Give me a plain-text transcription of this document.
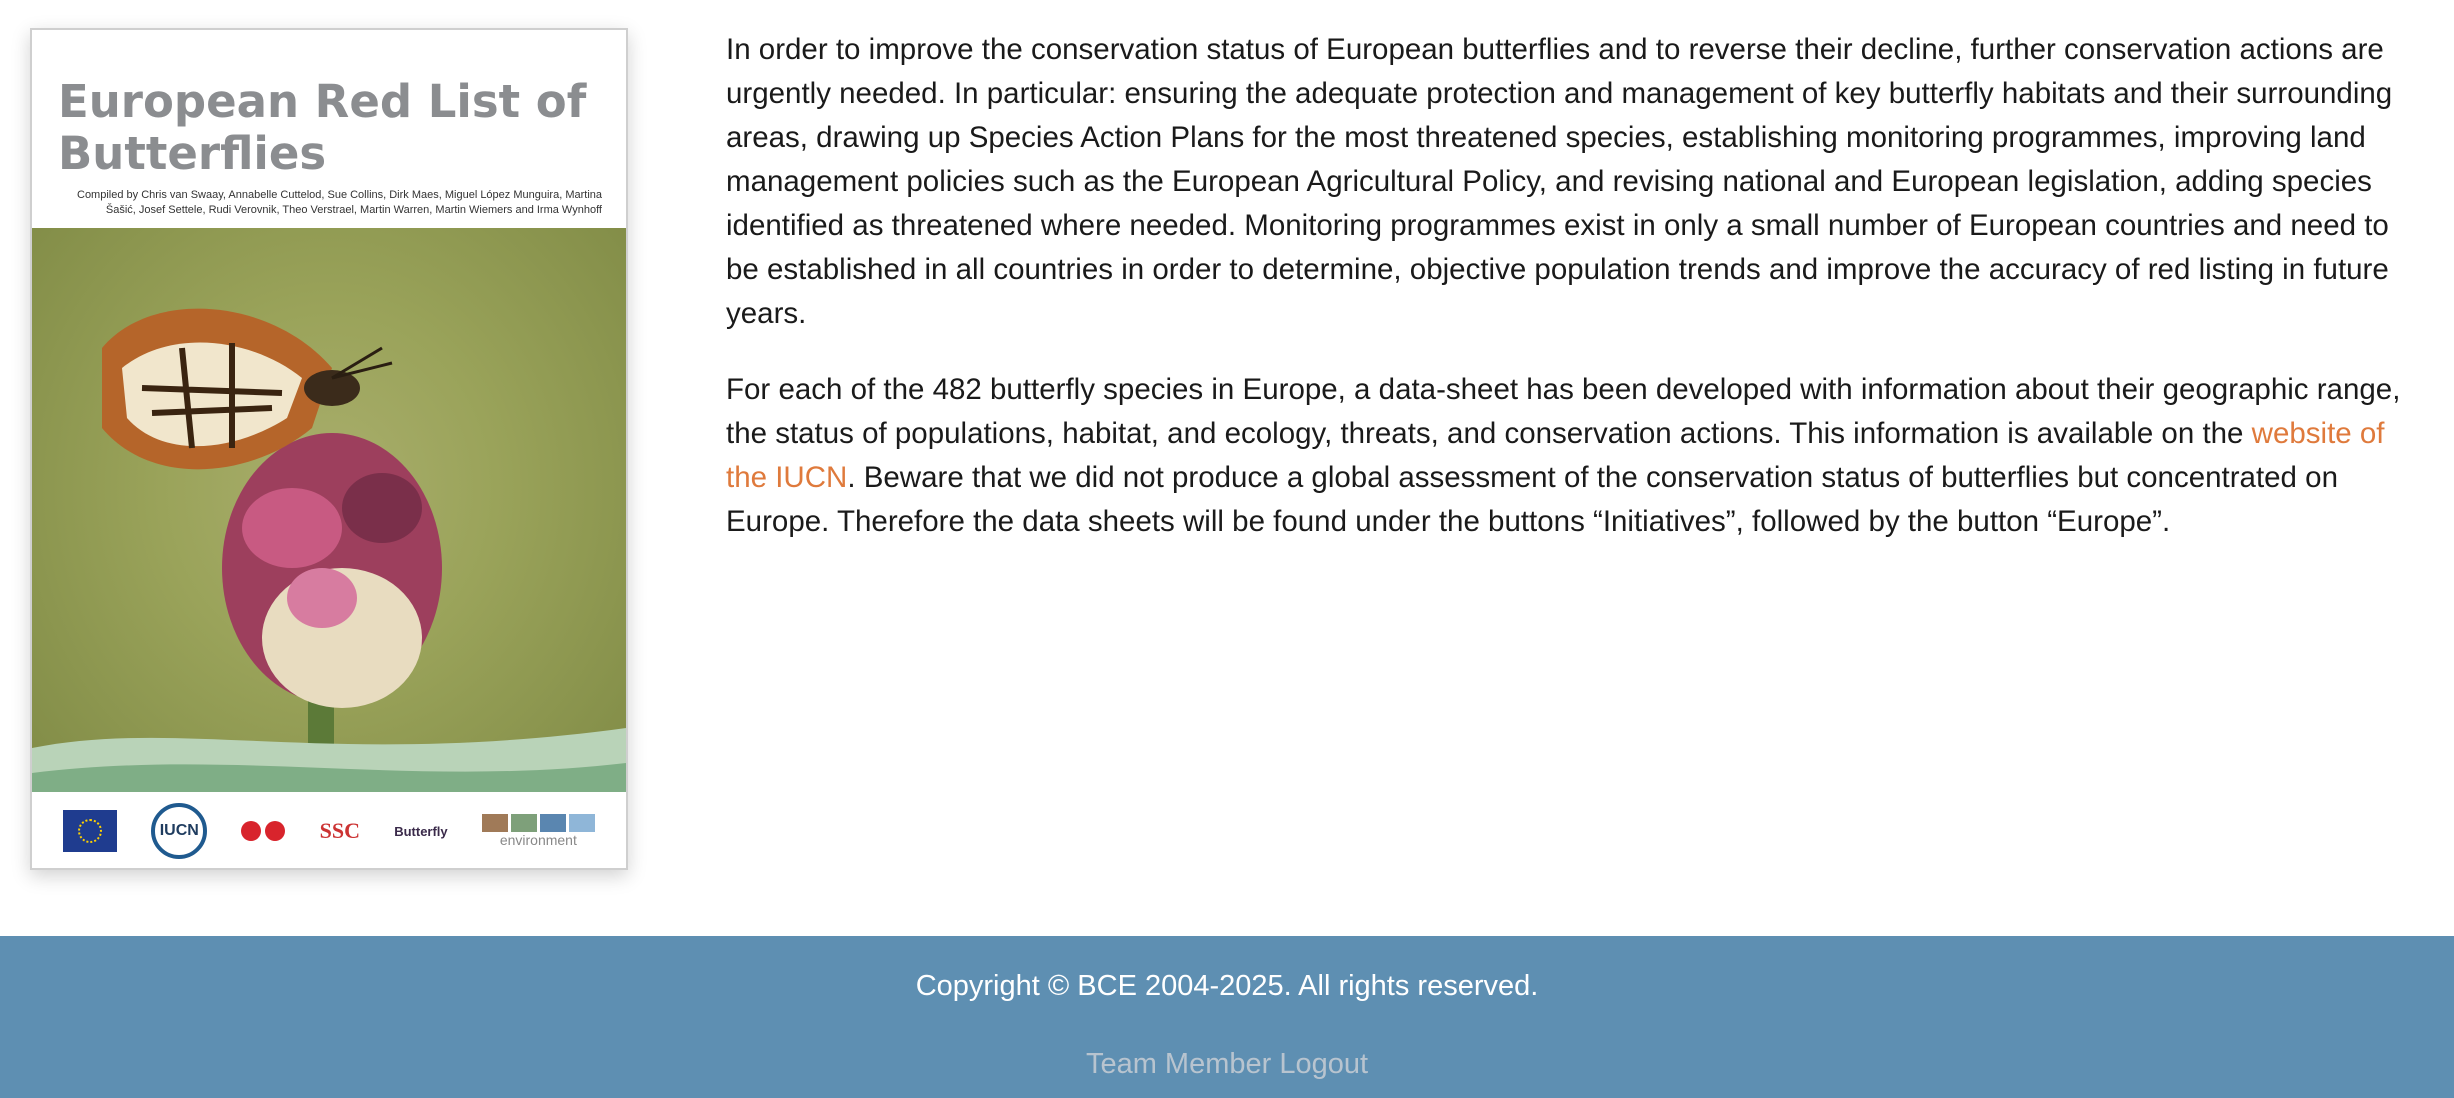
European Red List of Butterflies
Compiled by Chris van Swaay, Annabelle Cuttelod, Sue Collins, Dirk Maes, Miguel López Munguira, Martina Šašić, Josef Settele, Rudi Verovnik, Theo Verstrael, Martin Warren, Martin Wiemers and Irma Wynhoff
IUCN	SSC	Butterfly
environment

In order to improve the conservation status of European butterflies and to reverse their decline, further conservation actions are urgently needed. In particular: ensuring the adequate protection and management of key butterfly habitats and their surrounding areas, drawing up Species Action Plans for the most threatened species, establishing monitoring programmes, improving land management policies such as the European Agricultural Policy, and revising national and European legislation, adding species identified as threatened where needed. Monitoring programmes exist in only a small number of European countries and need to be established in all countries in order to determine, objective population trends and improve the accuracy of red listing in future years.

For each of the 482 butterfly species in Europe, a data-sheet has been developed with information about their geographic range, the status of populations, habitat, and ecology, threats, and conservation actions. This information is available on the website of the IUCN. Beware that we did not produce a global assessment of the conservation status of butterflies but concentrated on Europe. Therefore the data sheets will be found under the buttons “Initiatives”, followed by the button “Europe”.

Copyright © BCE 2004-2025. All rights reserved.
Team Member Logout
